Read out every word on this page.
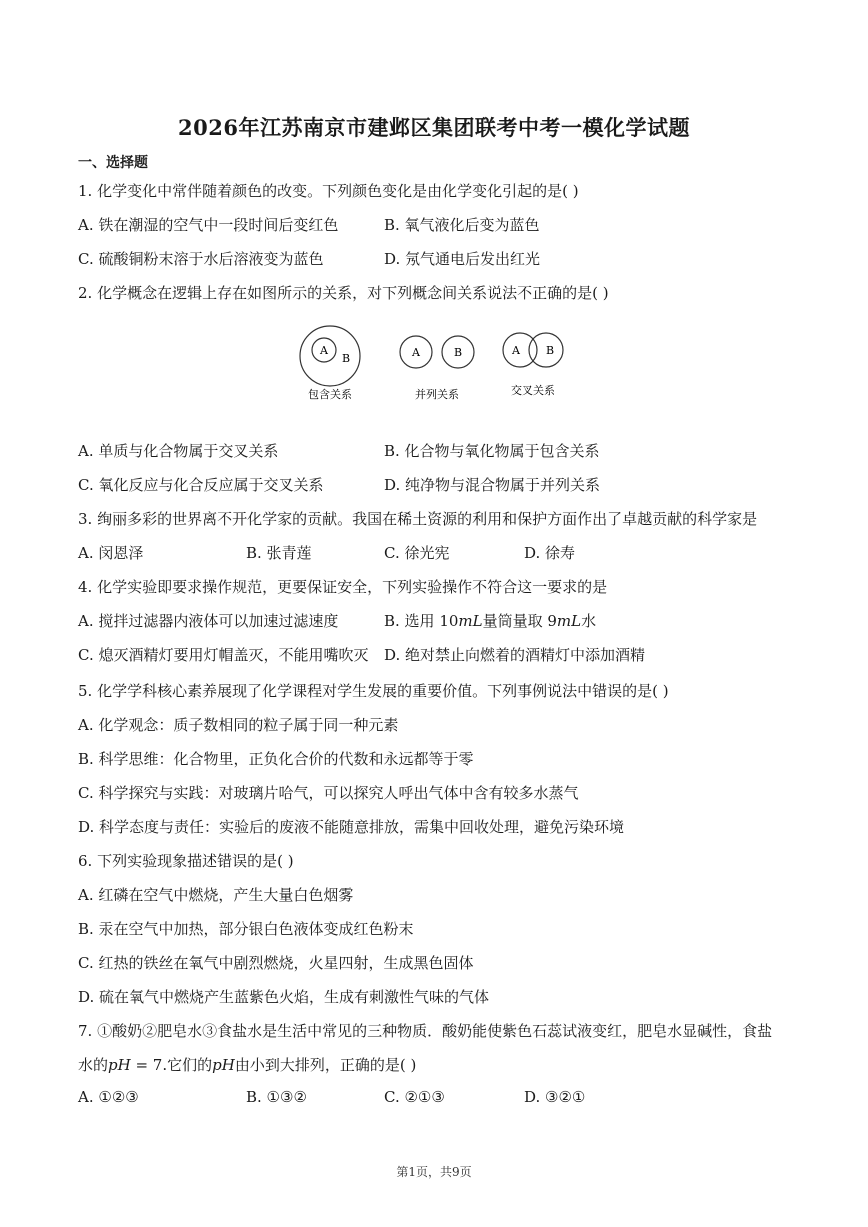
2026年江苏南京市建邺区集团联考中考一模化学试题
一、选择题
1. 化学变化中常伴随着颜色的改变。下列颜色变化是由化学变化引起的是( )
A. 铁在潮湿的空气中一段时间后变红色	B. 氧气液化后变为蓝色
C. 硫酸铜粉末溶于水后溶液变为蓝色	D. 氖气通电后发出红光
2. 化学概念在逻辑上存在如图所示的关系，对下列概念间关系说法不正确的是( )
A
B
包含关系
A	B
并列关系
A B
交叉关系
A. 单质与化合物属于交叉关系	B. 化合物与氧化物属于包含关系
C. 氧化反应与化合反应属于交叉关系	D. 纯净物与混合物属于并列关系
3. 绚丽多彩的世界离不开化学家的贡献。我国在稀土资源的利用和保护方面作出了卓越贡献的科学家是
A. 闵恩泽	B. 张青莲	C. 徐光宪	D. 徐寿
4. 化学实验即要求操作规范，更要保证安全，下列实验操作不符合这一要求的是
A. 搅拌过滤器内液体可以加速过滤速度	B. 选用 10mL量筒量取 9mL水
C. 熄灭酒精灯要用灯帽盖灭，不能用嘴吹灭 D. 绝对禁止向燃着的酒精灯中添加酒精
5. 化学学科核心素养展现了化学课程对学生发展的重要价值。下列事例说法中错误的是( )
A. 化学观念：质子数相同的粒子属于同一种元素
B. 科学思维：化合物里，正负化合价的代数和永远都等于零
C. 科学探究与实践：对玻璃片哈气，可以探究人呼出气体中含有较多水蒸气
D. 科学态度与责任：实验后的废液不能随意排放，需集中回收处理，避免污染环境
6. 下列实验现象描述错误的是( )
A. 红磷在空气中燃烧，产生大量白色烟雾
B. 汞在空气中加热，部分银白色液体变成红色粉末
C. 红热的铁丝在氧气中剧烈燃烧，火星四射，生成黑色固体
D. 硫在氧气中燃烧产生蓝紫色火焰，生成有刺激性气味的气体
7. ①酸奶②肥皂水③食盐水是生活中常见的三种物质．酸奶能使紫色石蕊试液变红，肥皂水显碱性，食盐
水的pH = 7.它们的pH由小到大排列，正确的是( )
A. ①②③	B. ①③②	C. ②①③	D. ③②①
第1页，共9页
